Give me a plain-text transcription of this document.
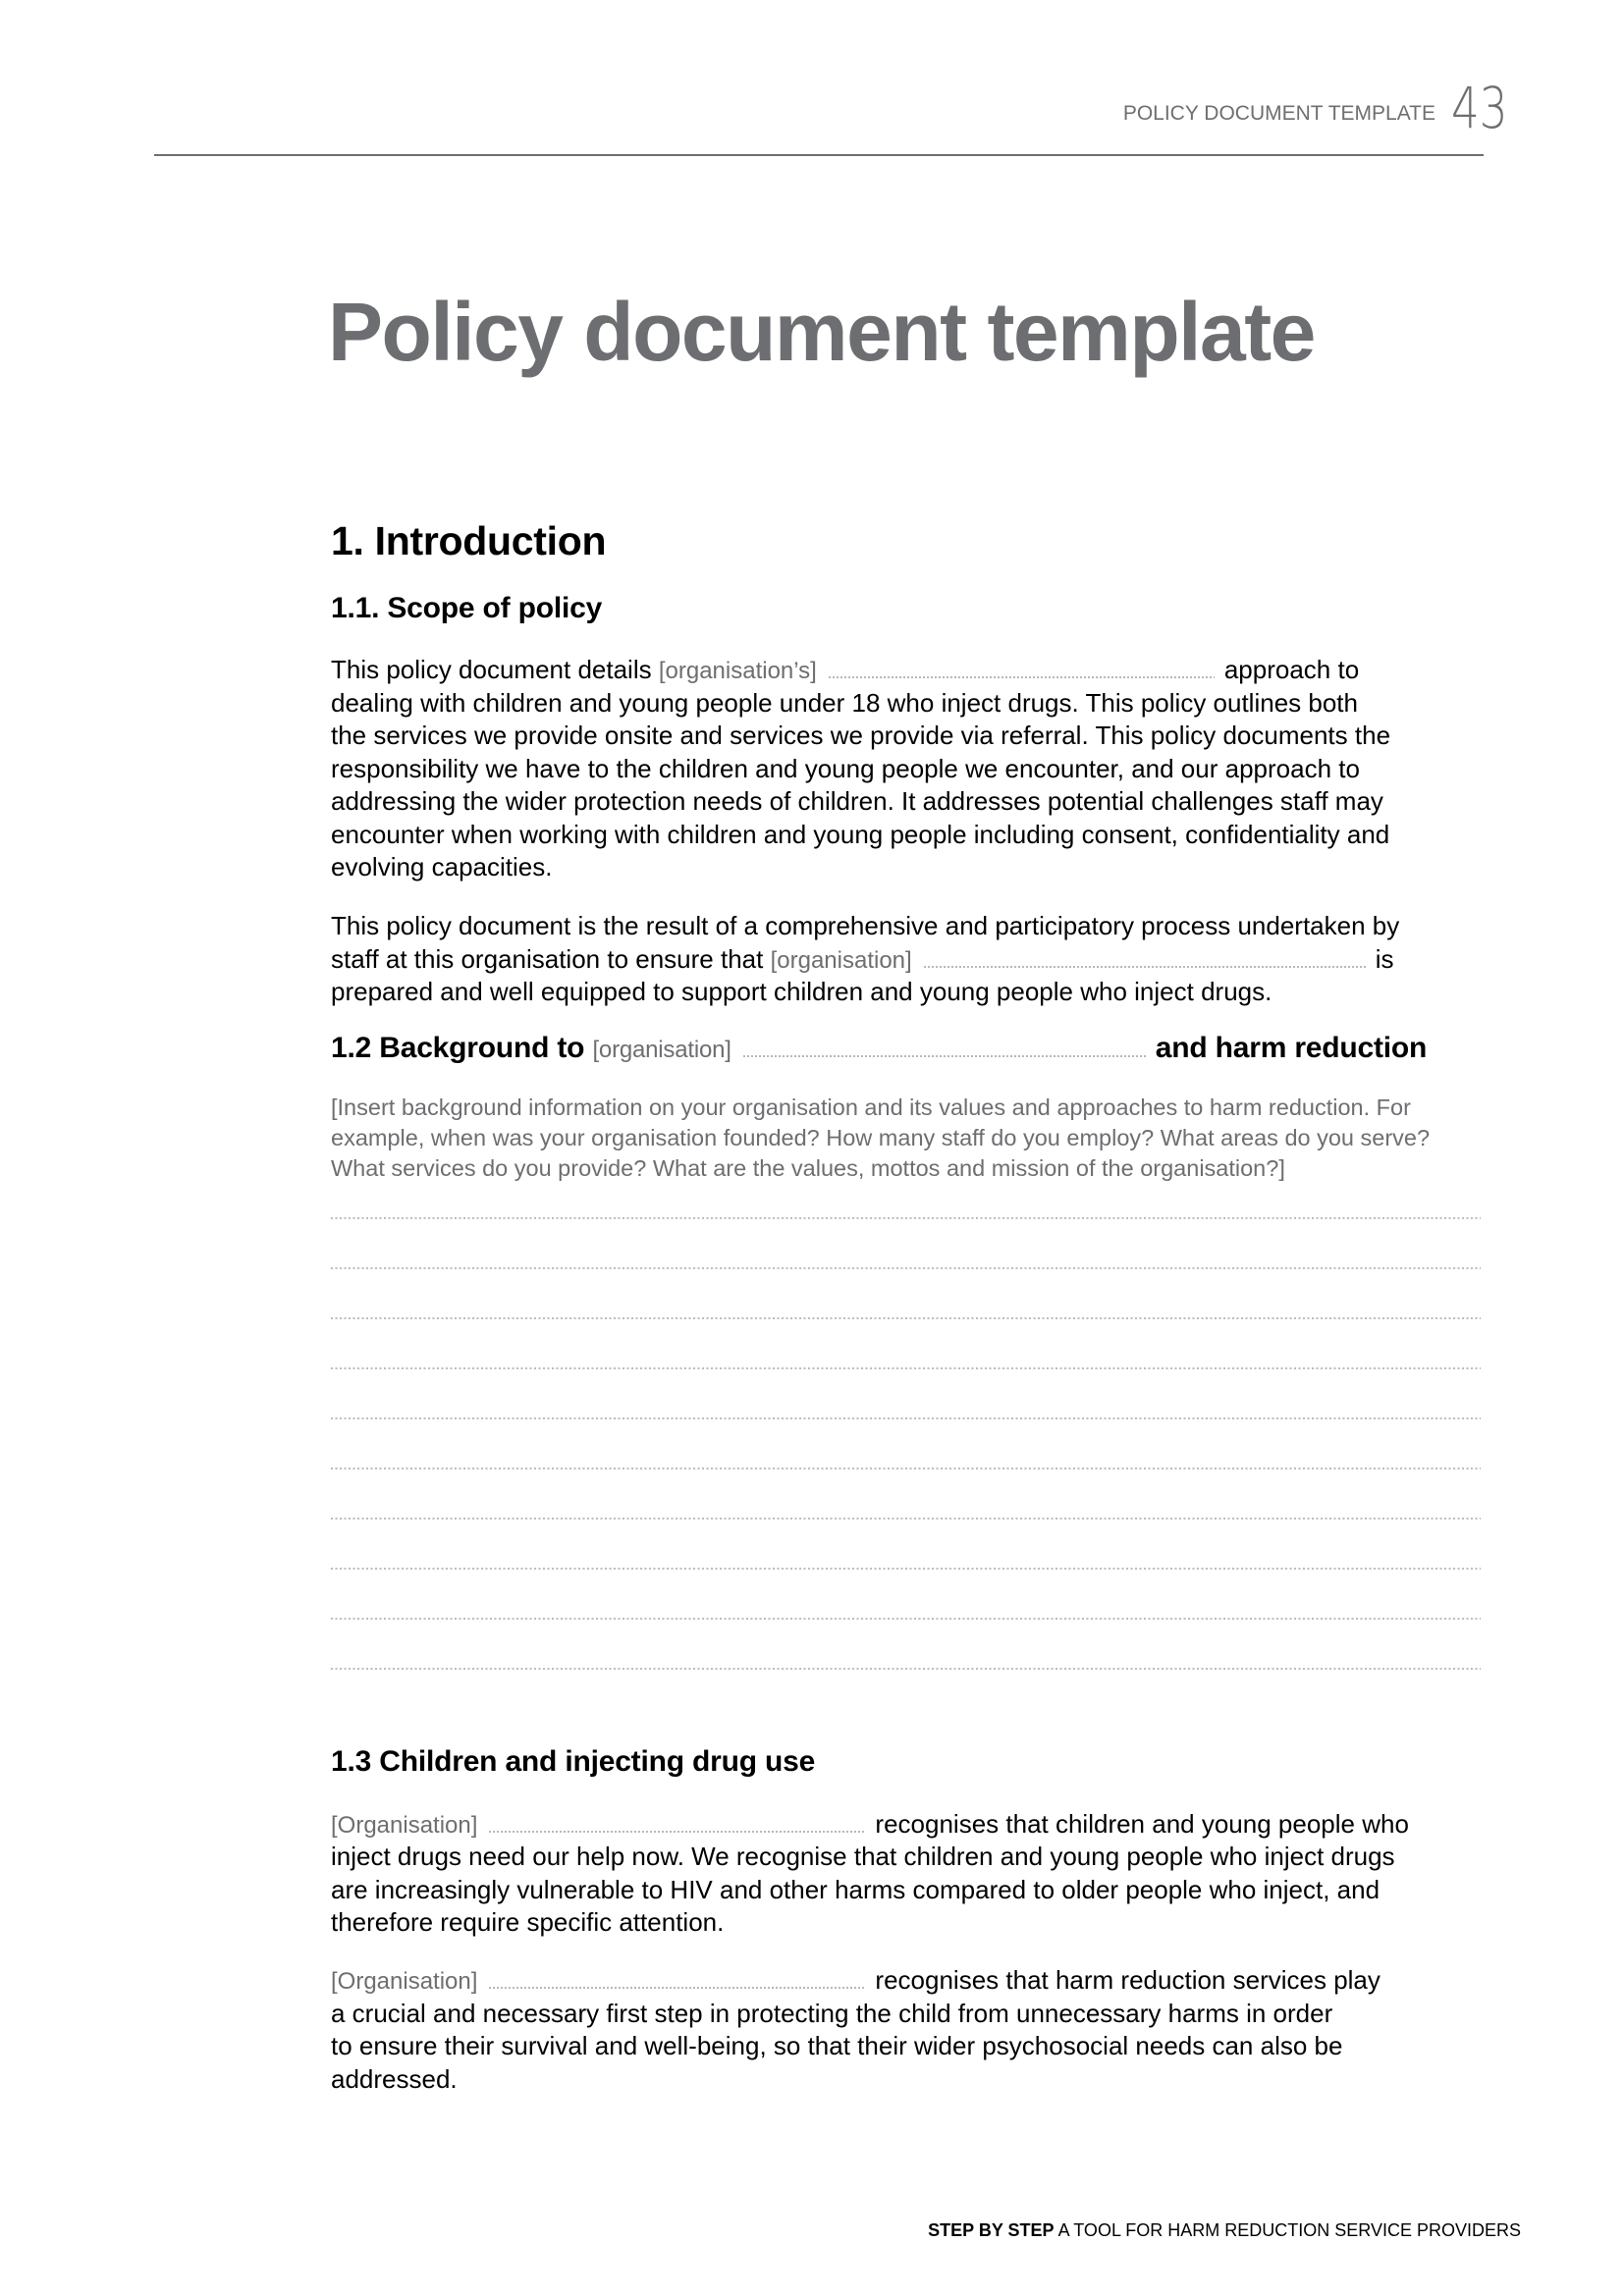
POLICY DOCUMENT TEMPLATE 43
Policy document template
1. Introduction
1.1. Scope of policy
This policy document details [organisation’s]	approach to
dealing with children and young people under 18 who inject drugs. This policy outlines both
the services we provide onsite and services we provide via referral. This policy documents the
responsibility we have to the children and young people we encounter, and our approach to
addressing the wider protection needs of children. It addresses potential challenges staff may
encounter when working with children and young people including consent, confidentiality and
evolving capacities.
This policy document is the result of a comprehensive and participatory process undertaken by
staff at this organisation to ensure that [organisation]	is
prepared and well equipped to support children and young people who inject drugs.
1.2 Background to [organisation]	and harm reduction
[Insert background information on your organisation and its values and approaches to harm reduction. For
example, when was your organisation founded? How many staff do you employ? What areas do you serve?
What services do you provide? What are the values, mottos and mission of the organisation?]
1.3 Children and injecting drug use
[Organisation]	recognises that children and young people who
inject drugs need our help now. We recognise that children and young people who inject drugs
are increasingly vulnerable to HIV and other harms compared to older people who inject, and
therefore require specific attention.
[Organisation]	recognises that harm reduction services play
a crucial and necessary first step in protecting the child from unnecessary harms in order
to ensure their survival and well-being, so that their wider psychosocial needs can also be
addressed.
STEP BY STEP A TOOL FOR HARM REDUCTION SERVICE PROVIDERS
